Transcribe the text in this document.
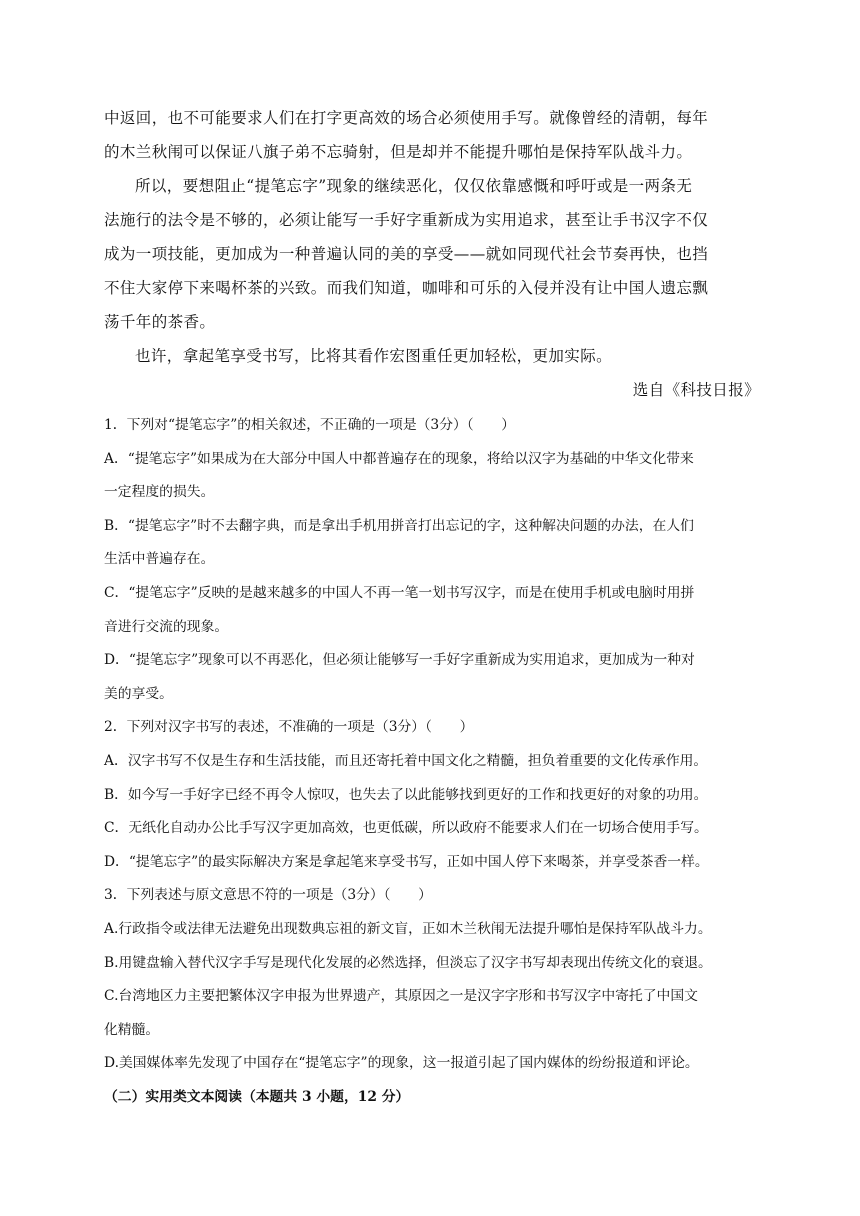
中返回，也不可能要求人们在打字更高效的场合必须使用手写。就像曾经的清朝，每年

的木兰秋闱可以保证八旗子弟不忘骑射，但是却并不能提升哪怕是保持军队战斗力。

所以，要想阻止“提笔忘字”现象的继续恶化，仅仅依靠感慨和呼吁或是一两条无

法施行的法令是不够的，必须让能写一手好字重新成为实用追求，甚至让手书汉字不仅

成为一项技能，更加成为一种普遍认同的美的享受——就如同现代社会节奏再快，也挡

不住大家停下来喝杯茶的兴致。而我们知道，咖啡和可乐的入侵并没有让中国人遗忘飘

荡千年的茶香。

也许，拿起笔享受书写，比将其看作宏图重任更加轻松，更加实际。

选自《科技日报》

1．下列对“提笔忘字”的相关叙述，不正确的一项是（3分）（　　）

A．“提笔忘字”如果成为在大部分中国人中都普遍存在的现象，将给以汉字为基础的中华文化带来

一定程度的损失。

B．“提笔忘字”时不去翻字典，而是拿出手机用拼音打出忘记的字，这种解决问题的办法，在人们

生活中普遍存在。

C．“提笔忘字”反映的是越来越多的中国人不再一笔一划书写汉字，而是在使用手机或电脑时用拼

音进行交流的现象。

D．“提笔忘字”现象可以不再恶化，但必须让能够写一手好字重新成为实用追求，更加成为一种对

美的享受。

2．下列对汉字书写的表述，不准确的一项是（3分）（　　）

A．汉字书写不仅是生存和生活技能，而且还寄托着中国文化之精髓，担负着重要的文化传承作用。

B．如今写一手好字已经不再令人惊叹，也失去了以此能够找到更好的工作和找更好的对象的功用。

C．无纸化自动办公比手写汉字更加高效，也更低碳，所以政府不能要求人们在一切场合使用手写。

D．“提笔忘字”的最实际解决方案是拿起笔来享受书写，正如中国人停下来喝茶，并享受茶香一样。

3．下列表述与原文意思不符的一项是（3分）（　　）

A.行政指令或法律无法避免出现数典忘祖的新文盲，正如木兰秋闱无法提升哪怕是保持军队战斗力。

B.用键盘输入替代汉字手写是现代化发展的必然选择，但淡忘了汉字书写却表现出传统文化的衰退。

C.台湾地区力主要把繁体汉字申报为世界遗产，其原因之一是汉字字形和书写汉字中寄托了中国文

化精髓。

D.美国媒体率先发现了中国存在“提笔忘字”的现象，这一报道引起了国内媒体的纷纷报道和评论。

（二）实用类文本阅读（本题共 3 小题，12 分）
